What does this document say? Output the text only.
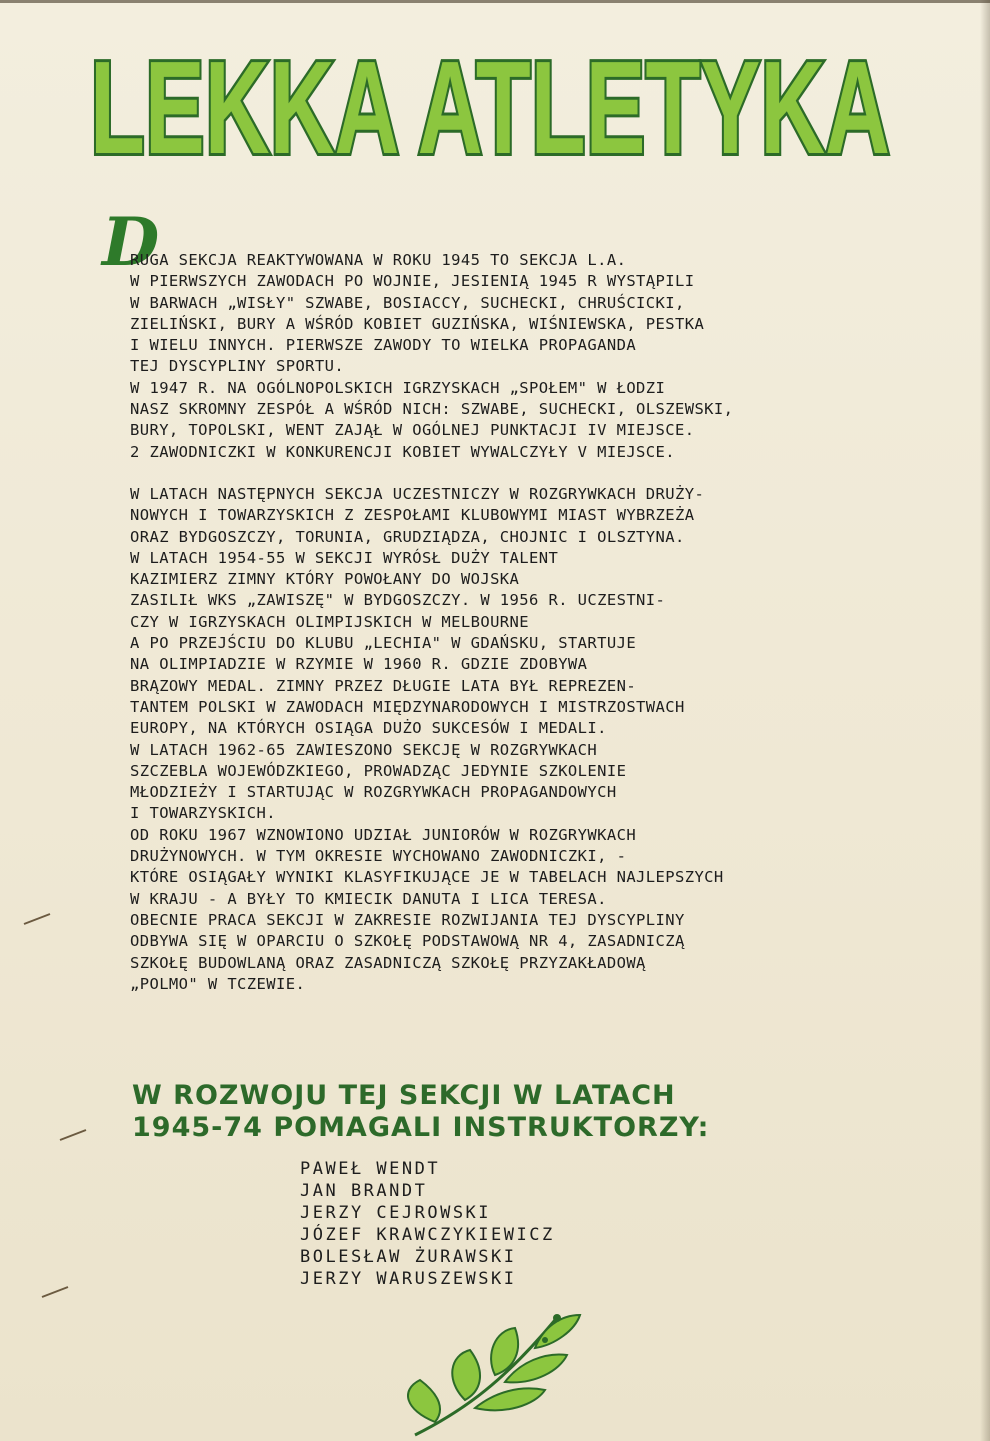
LEKKA ATLETYKA
D
RUGA SEKCJA REAKTYWOWANA W ROKU 1945 TO SEKCJA L.A.
W PIERWSZYCH ZAWODACH PO WOJNIE, JESIENIĄ 1945 R WYSTĄPILI
W BARWACH „WISŁY" SZWABE, BOSIACCY, SUCHECKI, CHRUŚCICKI,
ZIELIŃSKI, BURY A WŚRÓD KOBIET GUZIŃSKA, WIŚNIEWSKA, PESTKA
I WIELU INNYCH. PIERWSZE ZAWODY TO WIELKA PROPAGANDA
TEJ DYSCYPLINY SPORTU.
W 1947 R. NA OGÓLNOPOLSKICH IGRZYSKACH „SPOŁEM" W ŁODZI
NASZ SKROMNY ZESPÓŁ A WŚRÓD NICH: SZWABE, SUCHECKI, OLSZEWSKI,
BURY, TOPOLSKI, WENT ZAJĄŁ W OGÓLNEJ PUNKTACJI IV MIEJSCE.
2 ZAWODNICZKI W KONKURENCJI KOBIET WYWALCZYŁY V MIEJSCE.
W LATACH NASTĘPNYCH SEKCJA UCZESTNICZY W ROZGRYWKACH DRUŻY-
NOWYCH I TOWARZYSKICH Z ZESPOŁAMI KLUBOWYMI MIAST WYBRZEŻA
ORAZ BYDGOSZCZY, TORUNIA, GRUDZIĄDZA, CHOJNIC I OLSZTYNA.
W LATACH 1954-55 W SEKCJI WYRÓSŁ DUŻY TALENT
KAZIMIERZ ZIMNY KTÓRY POWOŁANY DO WOJSKA
ZASILIŁ WKS „ZAWISZĘ" W BYDGOSZCZY. W 1956 R. UCZESTNI-
CZY W IGRZYSKACH OLIMPIJSKICH W MELBOURNE
A PO PRZEJŚCIU DO KLUBU „LECHIA" W GDAŃSKU, STARTUJE
NA OLIMPIADZIE W RZYMIE W 1960 R. GDZIE ZDOBYWA
BRĄZOWY MEDAL. ZIMNY PRZEZ DŁUGIE LATA BYŁ REPREZEN-
TANTEM POLSKI W ZAWODACH MIĘDZYNARODOWYCH I MISTRZOSTWACH
EUROPY, NA KTÓRYCH OSIĄGA DUŻO SUKCESÓW I MEDALI.
W LATACH 1962-65 ZAWIESZONO SEKCJĘ W ROZGRYWKACH
SZCZEBLA WOJEWÓDZKIEGO, PROWADZĄC JEDYNIE SZKOLENIE
MŁODZIEŻY I STARTUJĄC W ROZGRYWKACH PROPAGANDOWYCH
I TOWARZYSKICH.
OD ROKU 1967 WZNOWIONO UDZIAŁ JUNIORÓW W ROZGRYWKACH
DRUŻYNOWYCH. W TYM OKRESIE WYCHOWANO ZAWODNICZKI, -
KTÓRE OSIĄGAŁY WYNIKI KLASYFIKUJĄCE JE W TABELACH NAJLEPSZYCH
W KRAJU - A BYŁY TO KMIECIK DANUTA I LICA TERESA.
OBECNIE PRACA SEKCJI W ZAKRESIE ROZWIJANIA TEJ DYSCYPLINY
ODBYWA SIĘ W OPARCIU O SZKOŁĘ PODSTAWOWĄ NR 4, ZASADNICZĄ
SZKOŁĘ BUDOWLANĄ ORAZ ZASADNICZĄ SZKOŁĘ PRZYZAKŁADOWĄ
„POLMO" W TCZEWIE.
W ROZWOJU TEJ SEKCJI W LATACH
1945-74 POMAGALI INSTRUKTORZY:
PAWEŁ WENDT
JAN BRANDT
JERZY CEJROWSKI
JÓZEF KRAWCZYKIEWICZ
BOLESŁAW ŻURAWSKI
JERZY WARUSZEWSKI
